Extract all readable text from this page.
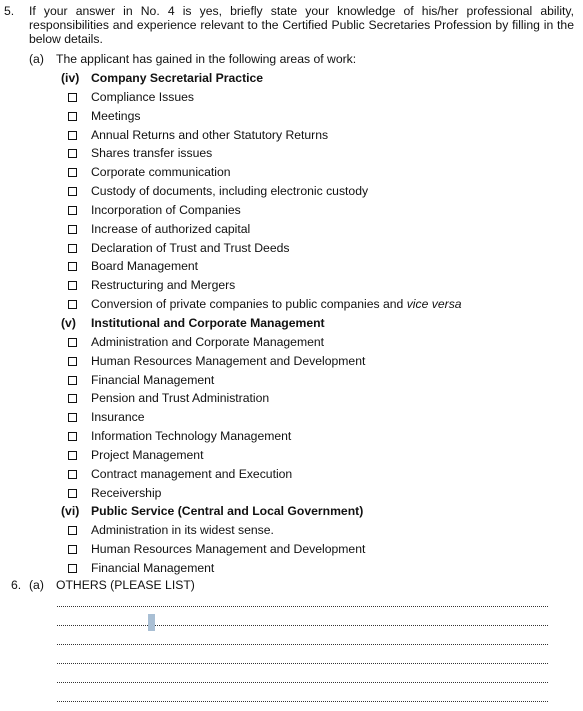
5. If your answer in No. 4 is yes, briefly state your knowledge of his/her professional ability, responsibilities and experience relevant to the Certified Public Secretaries Profession by filling in the below details.
(a) The applicant has gained in the following areas of work:
(iv) Company Secretarial Practice
Compliance Issues
Meetings
Annual Returns and other Statutory Returns
Shares transfer issues
Corporate communication
Custody of documents, including electronic custody
Incorporation of Companies
Increase of authorized capital
Declaration of Trust and Trust Deeds
Board Management
Restructuring and Mergers
Conversion of private companies to public companies and vice versa
(v) Institutional and Corporate Management
Administration and Corporate Management
Human Resources Management and Development
Financial Management
Pension and Trust Administration
Insurance
Information Technology Management
Project Management
Contract management and Execution
Receivership
(vi) Public Service (Central and Local Government)
Administration in its widest sense.
Human Resources Management and Development
Financial Management
6. (a) OTHERS (PLEASE LIST)
